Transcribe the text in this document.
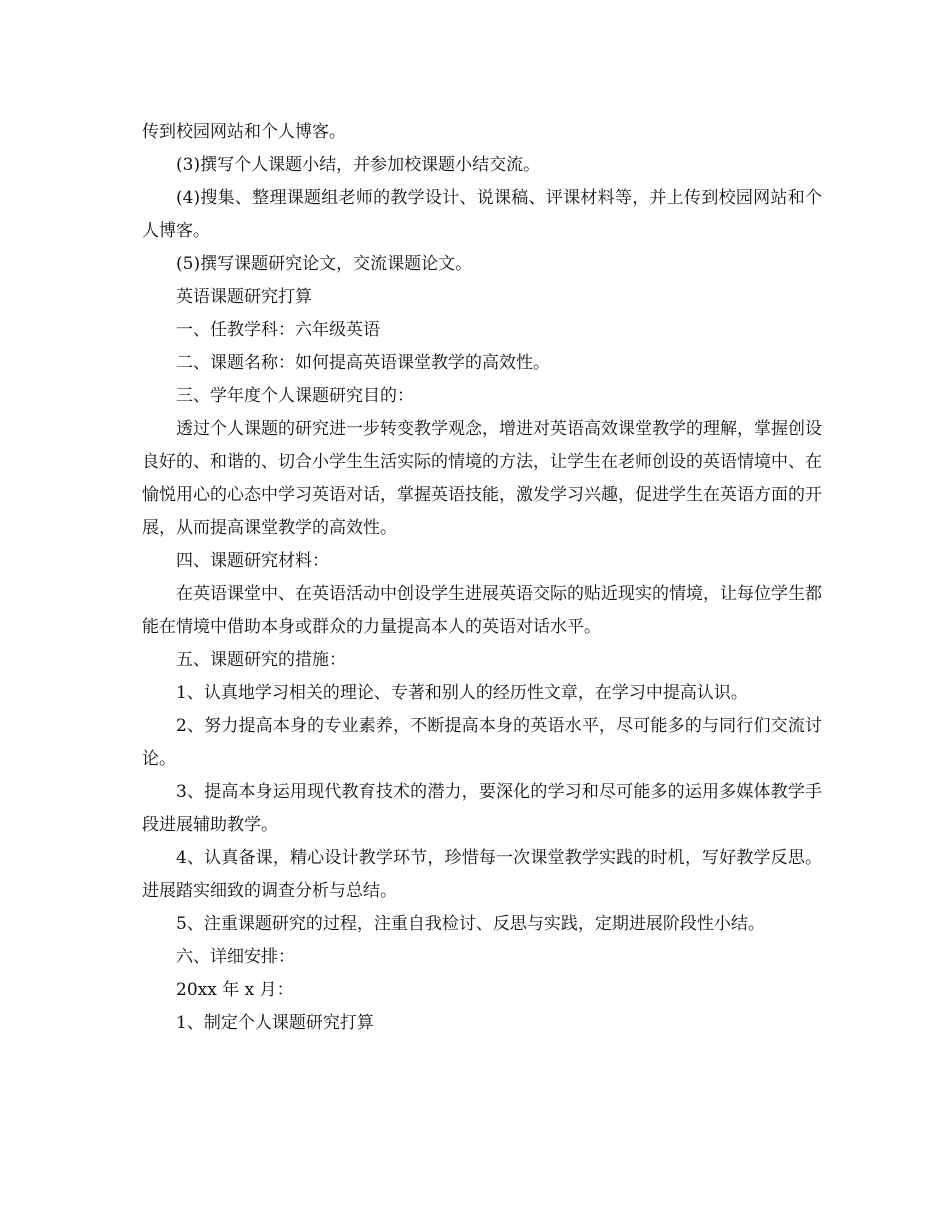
传到校园网站和个人博客。

(3)撰写个人课题小结，并参加校课题小结交流。

(4)搜集、整理课题组老师的教学设计、说课稿、评课材料等，并上传到校园网站和个人博客。

(5)撰写课题研究论文，交流课题论文。

英语课题研究打算

一、任教学科：六年级英语

二、课题名称：如何提高英语课堂教学的高效性。

三、学年度个人课题研究目的：

透过个人课题的研究进一步转变教学观念，增进对英语高效课堂教学的理解，掌握创设良好的、和谐的、切合小学生生活实际的情境的方法，让学生在老师创设的英语情境中、在愉悦用心的心态中学习英语对话，掌握英语技能，激发学习兴趣，促进学生在英语方面的开展，从而提高课堂教学的高效性。

四、课题研究材料：

在英语课堂中、在英语活动中创设学生进展英语交际的贴近现实的情境，让每位学生都能在情境中借助本身或群众的力量提高本人的英语对话水平。

五、课题研究的措施：

1、认真地学习相关的理论、专著和别人的经历性文章，在学习中提高认识。

2、努力提高本身的专业素养，不断提高本身的英语水平，尽可能多的与同行们交流讨论。

3、提高本身运用现代教育技术的潜力，要深化的学习和尽可能多的运用多媒体教学手段进展辅助教学。

4、认真备课，精心设计教学环节，珍惜每一次课堂教学实践的时机，写好教学反思。进展踏实细致的调查分析与总结。

5、注重课题研究的过程，注重自我检讨、反思与实践，定期进展阶段性小结。

六、详细安排：

20xx 年 x 月：

1、制定个人课题研究打算
